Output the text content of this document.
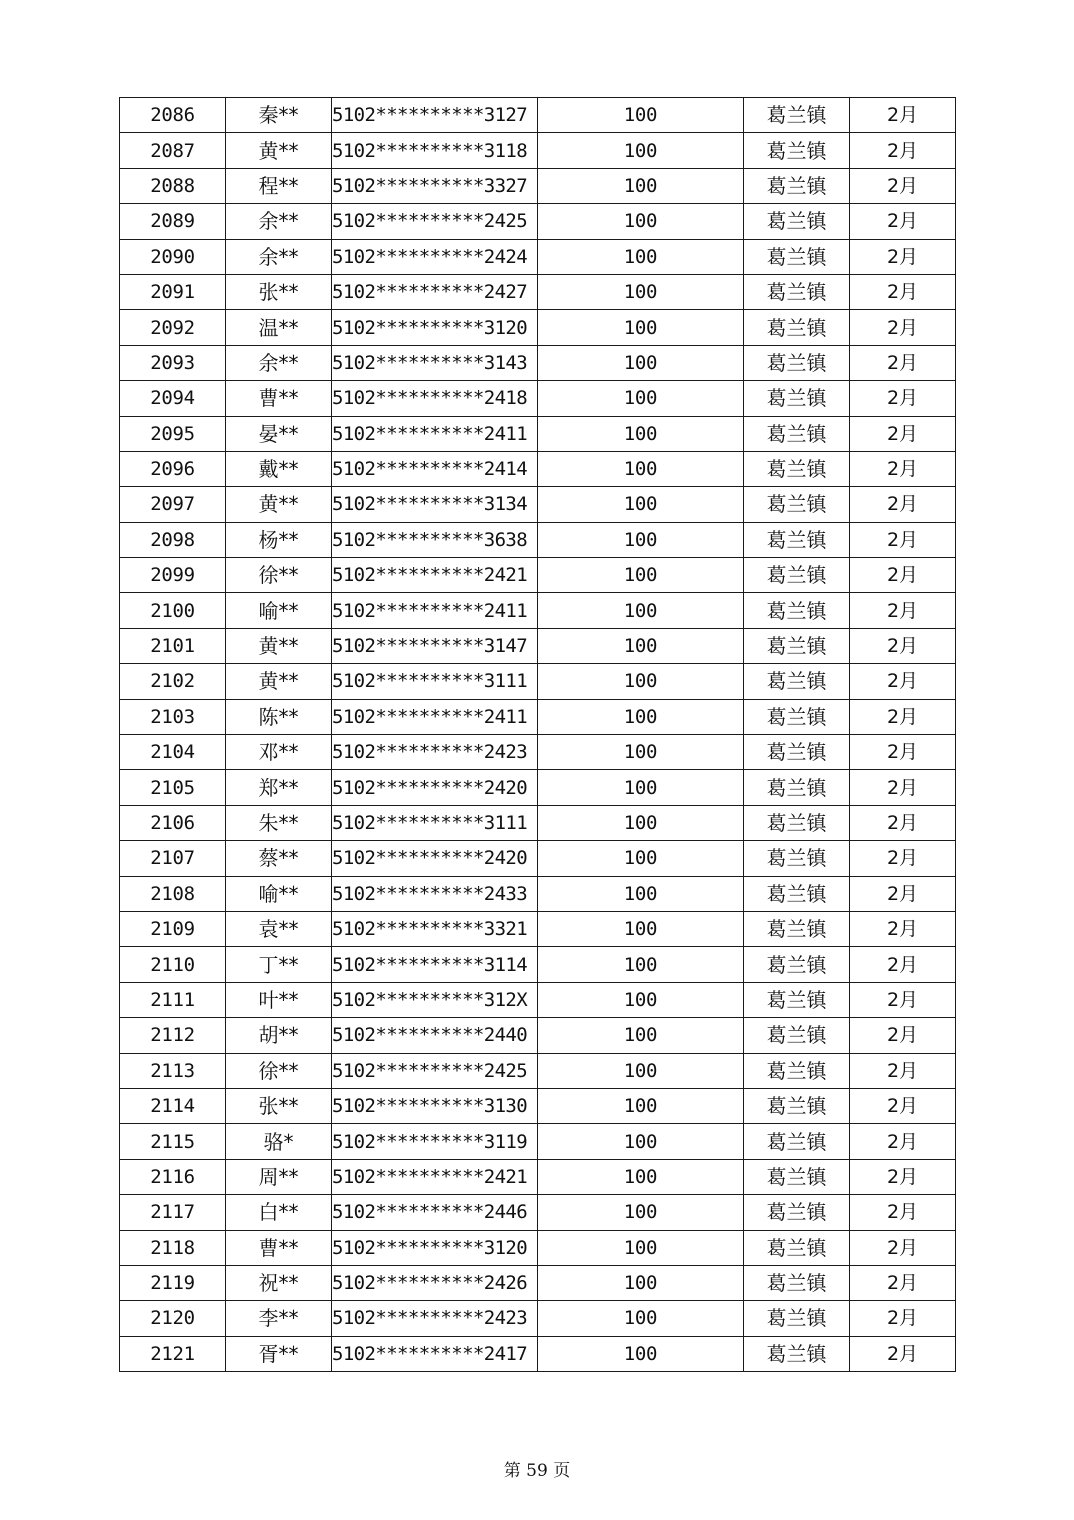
2086	秦**	5102**********3127	100	葛兰镇	2月
2087	黄**	5102**********3118	100	葛兰镇	2月
2088	程**	5102**********3327	100	葛兰镇	2月
2089	余**	5102**********2425	100	葛兰镇	2月
2090	余**	5102**********2424	100	葛兰镇	2月
2091	张**	5102**********2427	100	葛兰镇	2月
2092	温**	5102**********3120	100	葛兰镇	2月
2093	余**	5102**********3143	100	葛兰镇	2月
2094	曹**	5102**********2418	100	葛兰镇	2月
2095	晏**	5102**********2411	100	葛兰镇	2月
2096	戴**	5102**********2414	100	葛兰镇	2月
2097	黄**	5102**********3134	100	葛兰镇	2月
2098	杨**	5102**********3638	100	葛兰镇	2月
2099	徐**	5102**********2421	100	葛兰镇	2月
2100	喻**	5102**********2411	100	葛兰镇	2月
2101	黄**	5102**********3147	100	葛兰镇	2月
2102	黄**	5102**********3111	100	葛兰镇	2月
2103	陈**	5102**********2411	100	葛兰镇	2月
2104	邓**	5102**********2423	100	葛兰镇	2月
2105	郑**	5102**********2420	100	葛兰镇	2月
2106	朱**	5102**********3111	100	葛兰镇	2月
2107	蔡**	5102**********2420	100	葛兰镇	2月
2108	喻**	5102**********2433	100	葛兰镇	2月
2109	袁**	5102**********3321	100	葛兰镇	2月
2110	丁**	5102**********3114	100	葛兰镇	2月
2111	叶**	5102**********312X	100	葛兰镇	2月
2112	胡**	5102**********2440	100	葛兰镇	2月
2113	徐**	5102**********2425	100	葛兰镇	2月
2114	张**	5102**********3130	100	葛兰镇	2月
2115	骆*	5102**********3119	100	葛兰镇	2月
2116	周**	5102**********2421	100	葛兰镇	2月
2117	白**	5102**********2446	100	葛兰镇	2月
2118	曹**	5102**********3120	100	葛兰镇	2月
2119	祝**	5102**********2426	100	葛兰镇	2月
2120	李**	5102**********2423	100	葛兰镇	2月
2121	胥**	5102**********2417	100	葛兰镇	2月
第 59 页
